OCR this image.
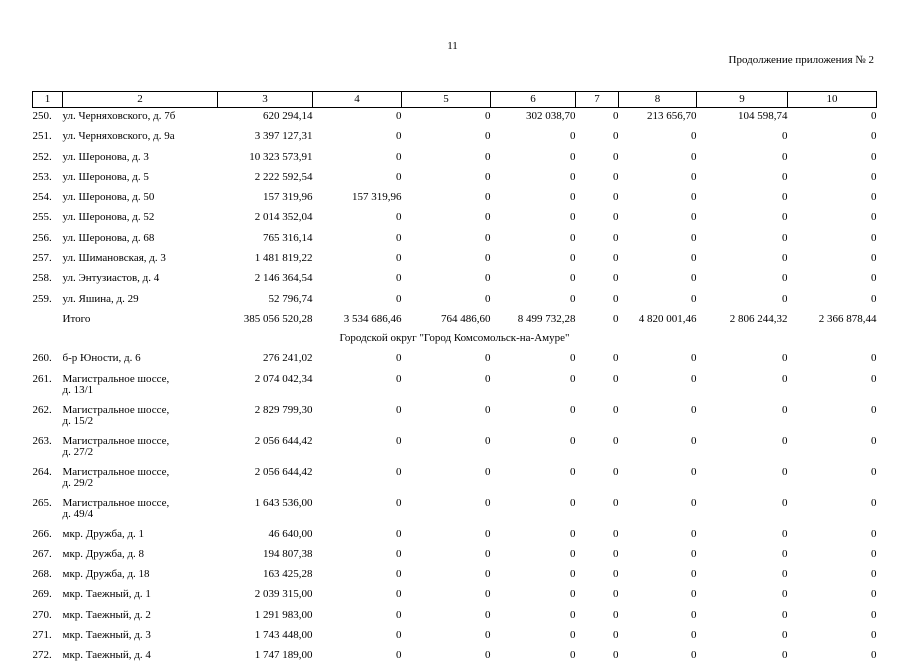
11
Продолжение приложения № 2
1	2	3	4	5	6	7	8	9	10
250.	ул. Черняховского, д. 7б	620 294,14	0	0	302 038,70	0	213 656,70	104 598,74	0
251.	ул. Черняховского, д. 9а	3 397 127,31	0	0	0	0	0	0	0
252.	ул. Шеронова, д. 3	10 323 573,91	0	0	0	0	0	0	0
253.	ул. Шеронова, д. 5	2 222 592,54	0	0	0	0	0	0	0
254.	ул. Шеронова, д. 50	157 319,96	157 319,96	0	0	0	0	0	0
255.	ул. Шеронова, д. 52	2 014 352,04	0	0	0	0	0	0	0
256.	ул. Шеронова, д. 68	765 316,14	0	0	0	0	0	0	0
257.	ул. Шимановская, д. 3	1 481 819,22	0	0	0	0	0	0	0
258.	ул. Энтузиастов, д. 4	2 146 364,54	0	0	0	0	0	0	0
259.	ул. Яшина, д. 29	52 796,74	0	0	0	0	0	0	0
	Итого	385 056 520,28	3 534 686,46	764 486,60	8 499 732,28	0	4 820 001,46	2 806 244,32	2 366 878,44
Городской округ "Город Комсомольск-на-Амуре"									
260.	б-р Юности, д. 6	276 241,02	0	0	0	0	0	0	0
261.	Магистральное шоссе,
д. 13/1	2 074 042,34	0	0	0	0	0	0	0
262.	Магистральное шоссе,
д. 15/2	2 829 799,30	0	0	0	0	0	0	0
263.	Магистральное шоссе,
д. 27/2	2 056 644,42	0	0	0	0	0	0	0
264.	Магистральное шоссе,
д. 29/2	2 056 644,42	0	0	0	0	0	0	0
265.	Магистральное шоссе,
д. 49/4	1 643 536,00	0	0	0	0	0	0	0
266.	мкр. Дружба, д. 1	46 640,00	0	0	0	0	0	0	0
267.	мкр. Дружба, д. 8	194 807,38	0	0	0	0	0	0	0
268.	мкр. Дружба, д. 18	163 425,28	0	0	0	0	0	0	0
269.	мкр. Таежный, д. 1	2 039 315,00	0	0	0	0	0	0	0
270.	мкр. Таежный, д. 2	1 291 983,00	0	0	0	0	0	0	0
271.	мкр. Таежный, д. 3	1 743 448,00	0	0	0	0	0	0	0
272.	мкр. Таежный, д. 4	1 747 189,00	0	0	0	0	0	0	0
